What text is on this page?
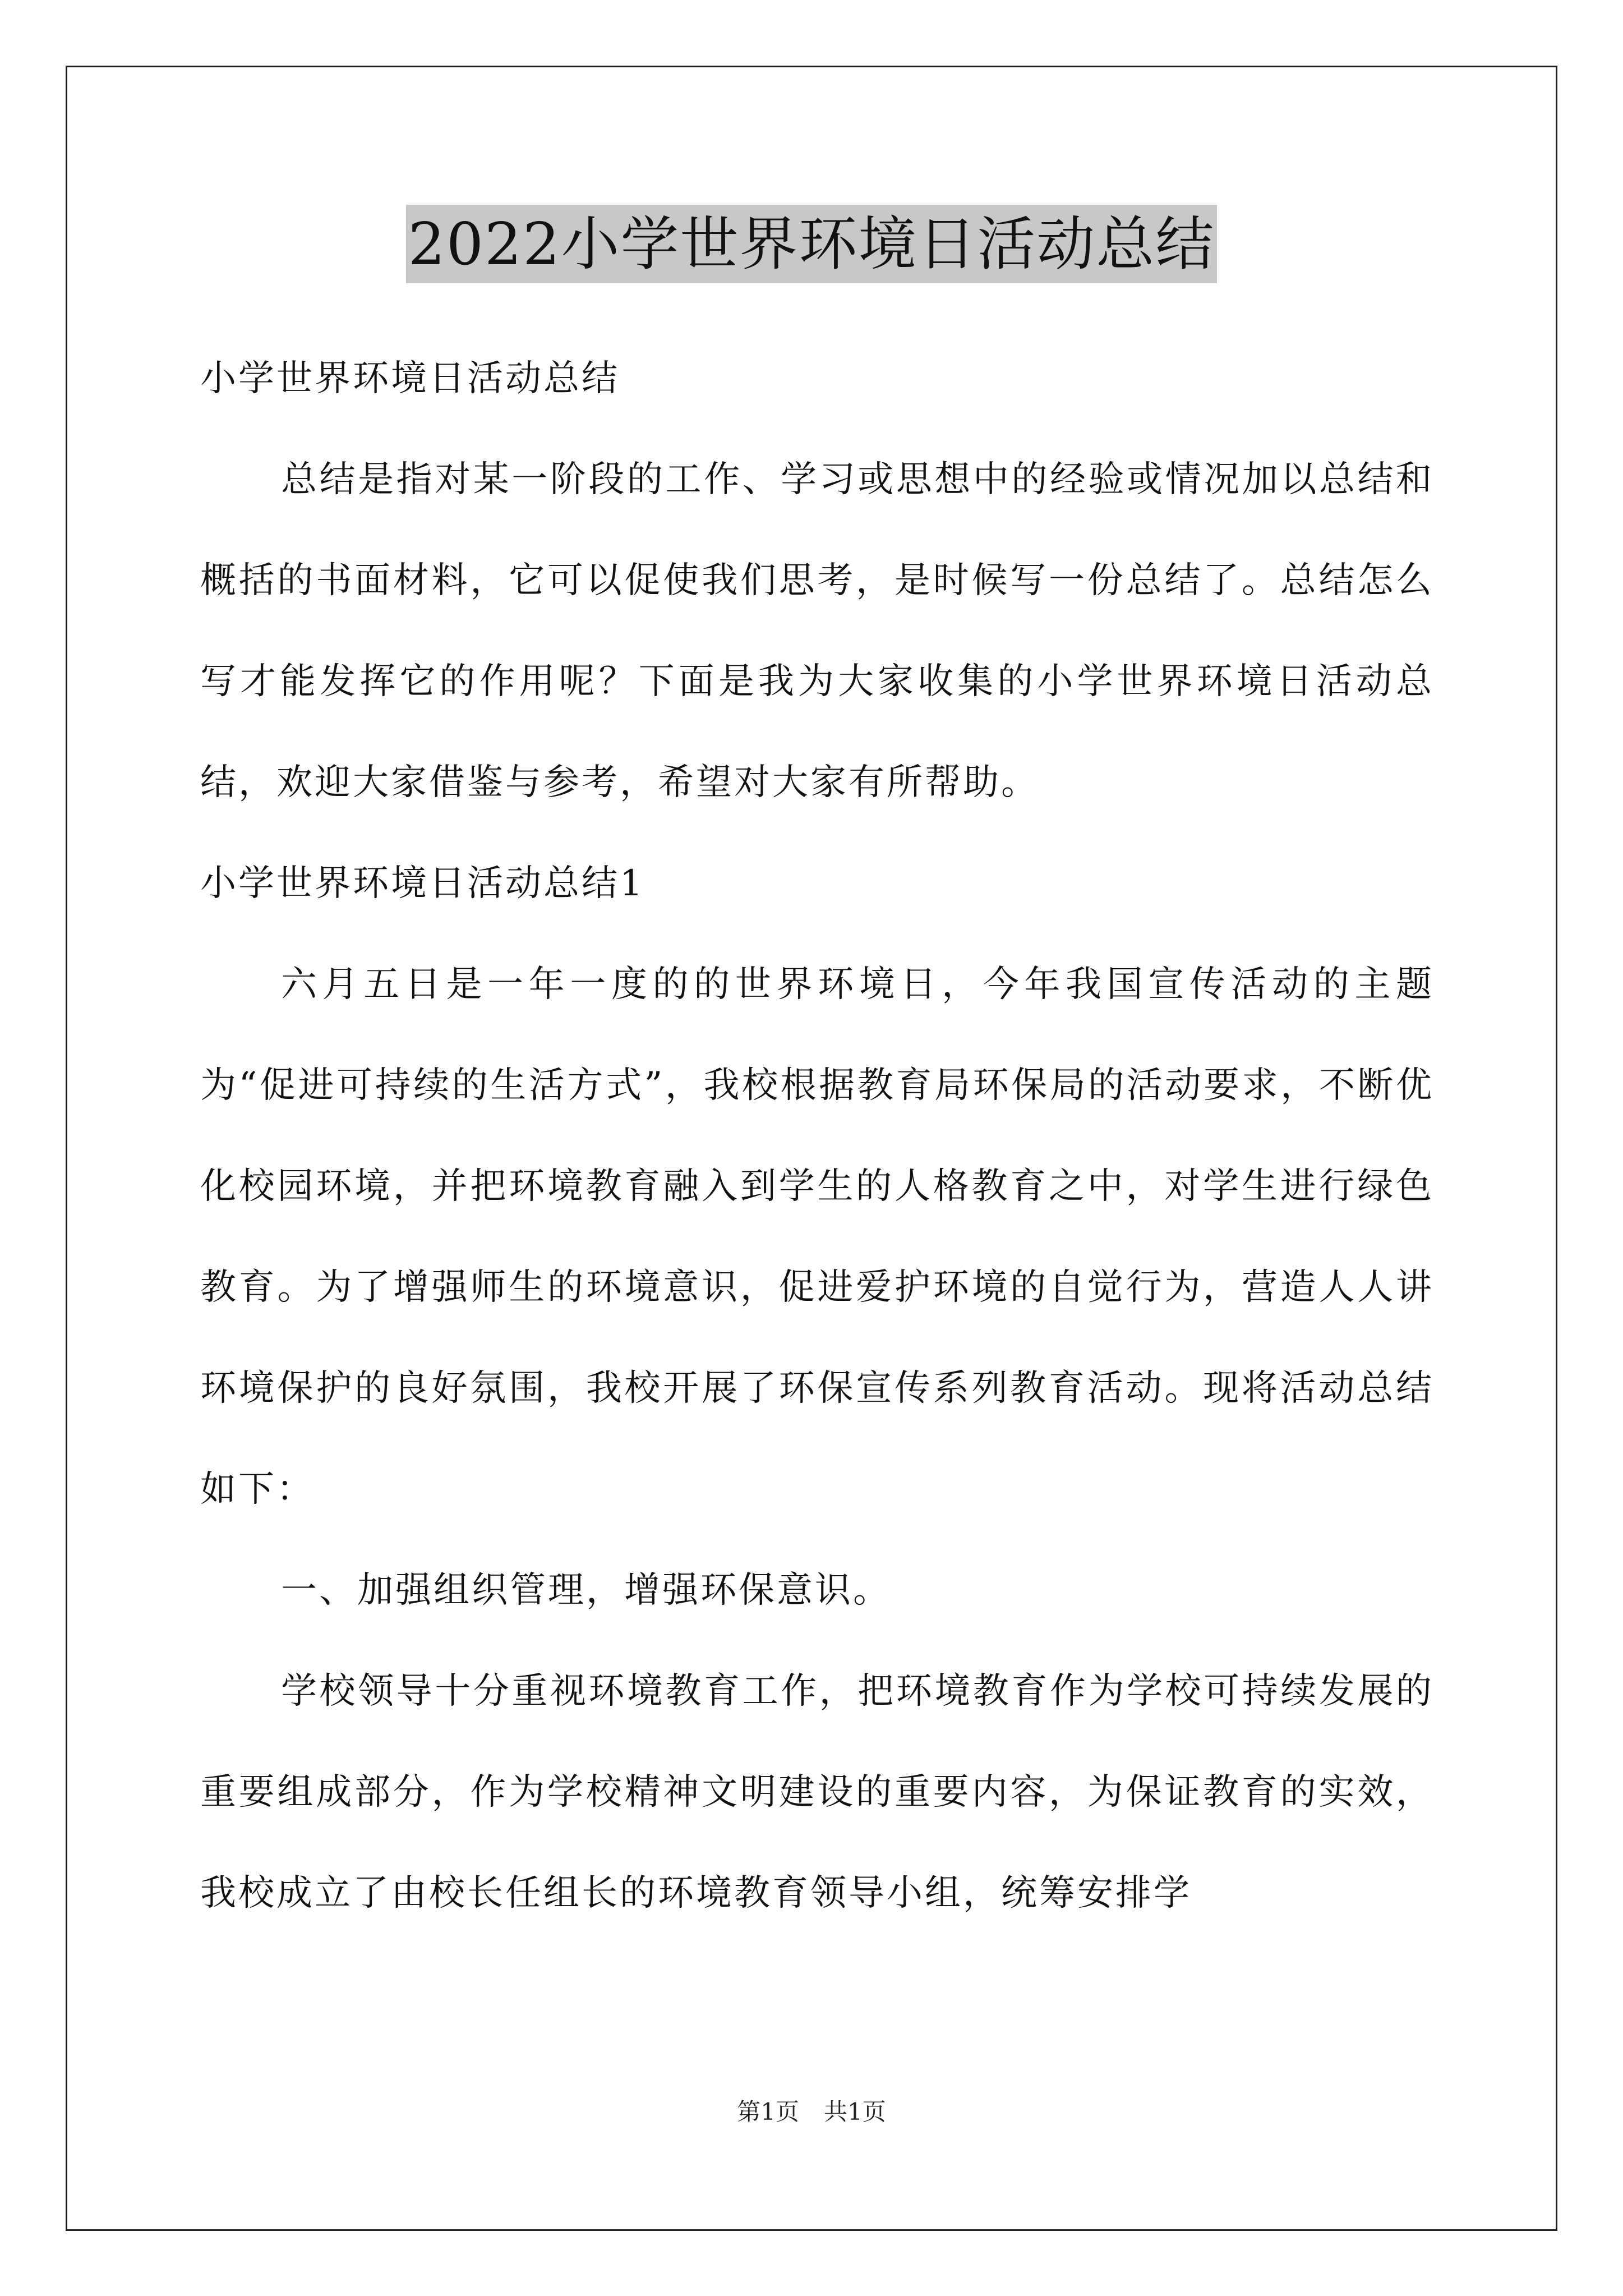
2022小学世界环境日活动总结

小学世界环境日活动总结

总结是指对某一阶段的工作、学习或思想中的经验或情况加以总结和概括的书面材料，它可以促使我们思考，是时候写一份总结了。总结怎么写才能发挥它的作用呢？下面是我为大家收集的小学世界环境日活动总结，欢迎大家借鉴与参考，希望对大家有所帮助。

小学世界环境日活动总结1

六月五日是一年一度的的世界环境日，今年我国宣传活动的主题为“促进可持续的生活方式”，我校根据教育局环保局的活动要求，不断优化校园环境，并把环境教育融入到学生的人格教育之中，对学生进行绿色教育。为了增强师生的环境意识，促进爱护环境的自觉行为，营造人人讲环境保护的良好氛围，我校开展了环保宣传系列教育活动。现将活动总结如下：

一、加强组织管理，增强环保意识。

学校领导十分重视环境教育工作，把环境教育作为学校可持续发展的重要组成部分，作为学校精神文明建设的重要内容，为保证教育的实效，我校成立了由校长任组长的环境教育领导小组，统筹安排学

第1页 共1页
